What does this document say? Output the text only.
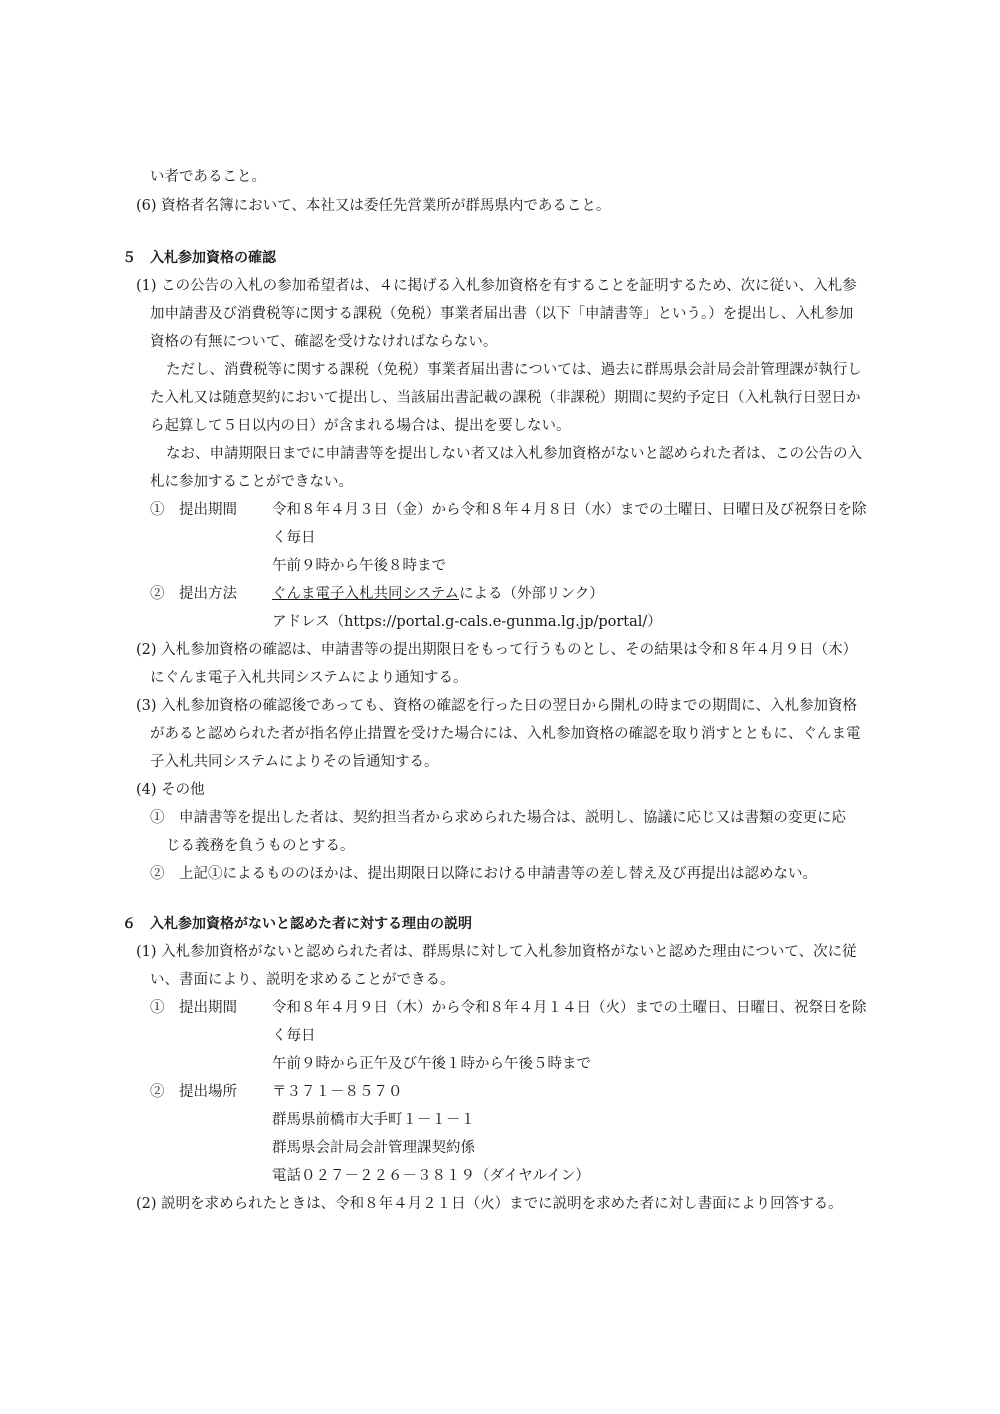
い者であること。
(6) 資格者名簿において、本社又は委任先営業所が群馬県内であること。
５　入札参加資格の確認
(1) この公告の入札の参加希望者は、４に掲げる入札参加資格を有することを証明するため、次に従い、入札参
加申請書及び消費税等に関する課税（免税）事業者届出書（以下「申請書等」という。）を提出し、入札参加
資格の有無について、確認を受けなければならない。
ただし、消費税等に関する課税（免税）事業者届出書については、過去に群馬県会計局会計管理課が執行し
た入札又は随意契約において提出し、当該届出書記載の課税（非課税）期間に契約予定日（入札執行日翌日か
ら起算して５日以内の日）が含まれる場合は、提出を要しない。
なお、申請期限日までに申請書等を提出しない者又は入札参加資格がないと認められた者は、この公告の入
札に参加することができない。
①　提出期間 令和８年４月３日（金）から令和８年４月８日（水）までの土曜日、日曜日及び祝祭日を除
く毎日
午前９時から午後８時まで
②　提出方法 ぐんま電子入札共同システムによる（外部リンク）
アドレス（https://portal.g-cals.e-gunma.lg.jp/portal/）
(2) 入札参加資格の確認は、申請書等の提出期限日をもって行うものとし、その結果は令和８年４月９日（木）
にぐんま電子入札共同システムにより通知する。
(3) 入札参加資格の確認後であっても、資格の確認を行った日の翌日から開札の時までの期間に、入札参加資格
があると認められた者が指名停止措置を受けた場合には、入札参加資格の確認を取り消すとともに、ぐんま電
子入札共同システムによりその旨通知する。
(4) その他
①　申請書等を提出した者は、契約担当者から求められた場合は、説明し、協議に応じ又は書類の変更に応
じる義務を負うものとする。
②　上記①によるもののほかは、提出期限日以降における申請書等の差し替え及び再提出は認めない。
６　入札参加資格がないと認めた者に対する理由の説明
(1) 入札参加資格がないと認められた者は、群馬県に対して入札参加資格がないと認めた理由について、次に従
い、書面により、説明を求めることができる。
①　提出期間 令和８年４月９日（木）から令和８年４月１４日（火）までの土曜日、日曜日、祝祭日を除
く毎日
午前９時から正午及び午後１時から午後５時まで
②　提出場所 〒３７１－８５７０
群馬県前橋市大手町１－１－１
群馬県会計局会計管理課契約係
電話０２７－２２６－３８１９（ダイヤルイン）
(2) 説明を求められたときは、令和８年４月２１日（火）までに説明を求めた者に対し書面により回答する。
